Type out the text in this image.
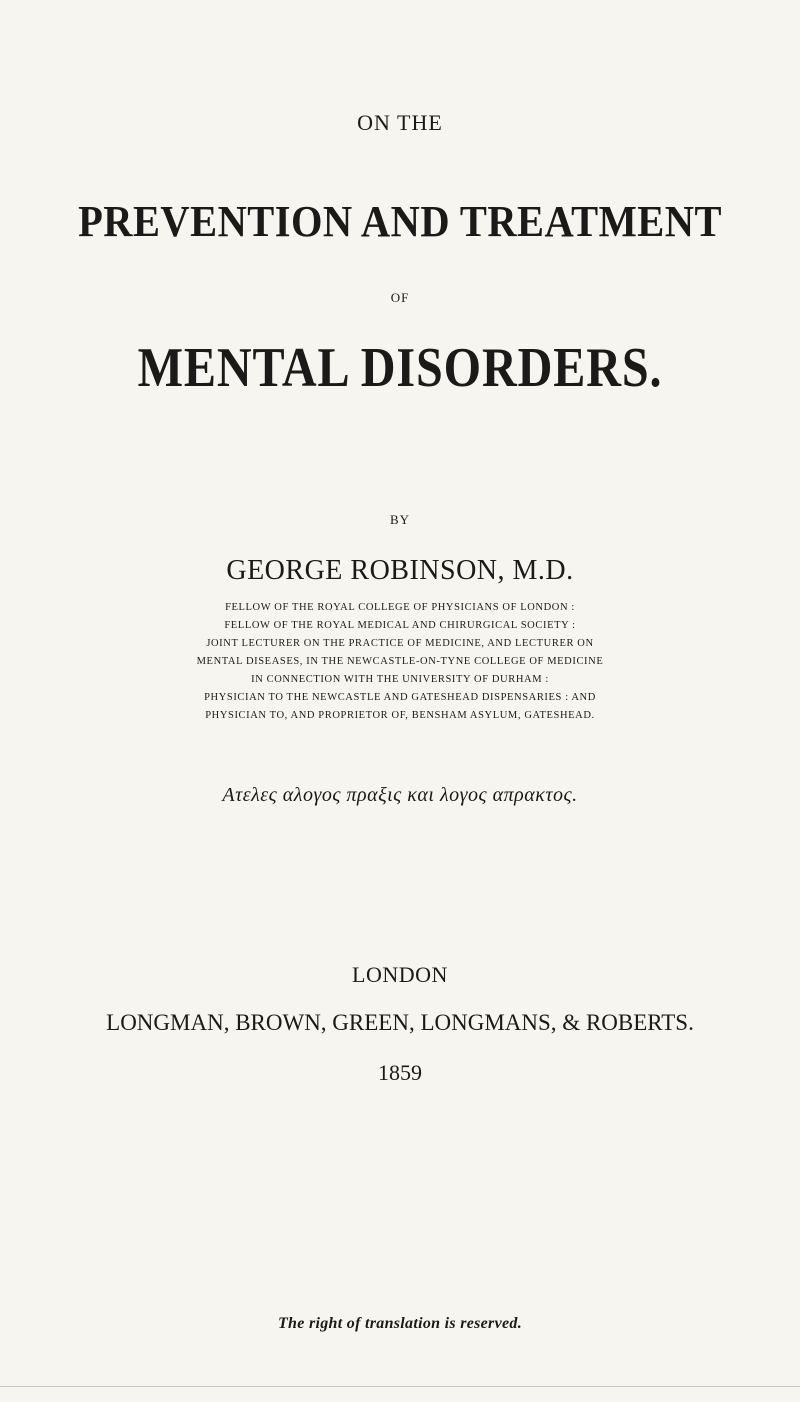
ON THE
PREVENTION AND TREATMENT
OF
MENTAL DISORDERS.
BY
GEORGE ROBINSON, M.D.
FELLOW OF THE ROYAL COLLEGE OF PHYSICIANS OF LONDON :
FELLOW OF THE ROYAL MEDICAL AND CHIRURGICAL SOCIETY :
JOINT LECTURER ON THE PRACTICE OF MEDICINE, AND LECTURER ON
MENTAL DISEASES, IN THE NEWCASTLE-ON-TYNE COLLEGE OF MEDICINE
IN CONNECTION WITH THE UNIVERSITY OF DURHAM :
PHYSICIAN TO THE NEWCASTLE AND GATESHEAD DISPENSARIES : AND
PHYSICIAN TO, AND PROPRIETOR OF, BENSHAM ASYLUM, GATESHEAD.
Ατελες αλογος πραξις και λογος απρακτος.
LONDON
LONGMAN, BROWN, GREEN, LONGMANS, & ROBERTS.
1859
The right of translation is reserved.
